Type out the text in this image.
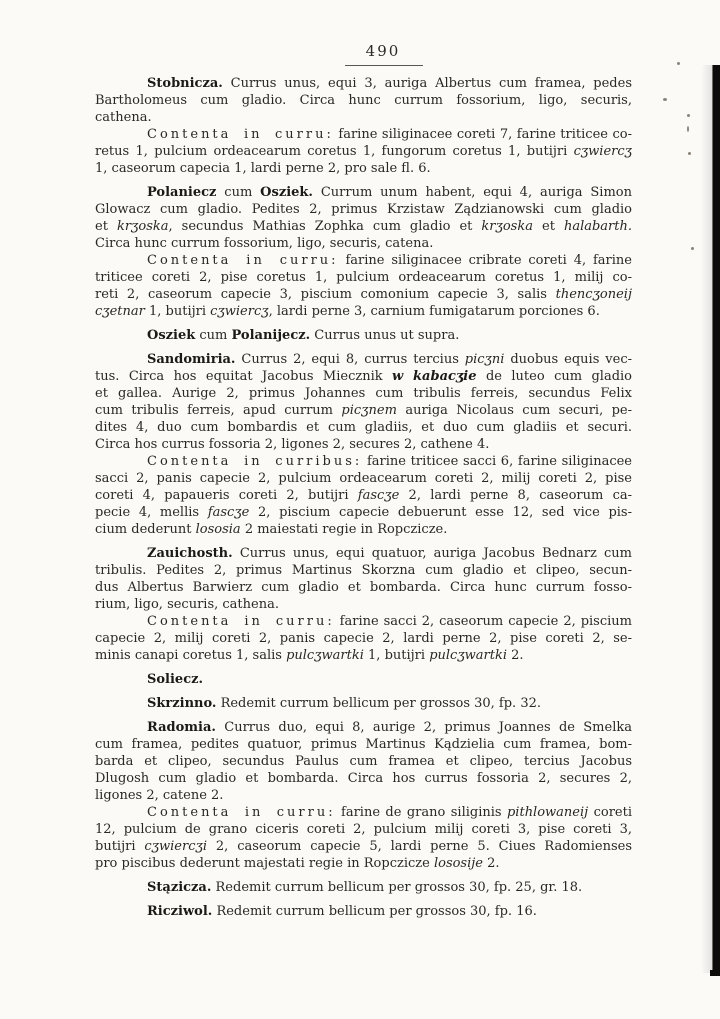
490
Stobnicza. Currus unus, equi 3, auriga Albertus cum framea, pedes
Bartholomeus cum gladio. Circa hunc currum fossorium, ligo, securis,
cathena.
Contenta in curru: farine siliginacee coreti 7, farine triticee co-
retus 1, pulcium ordeacearum coretus 1, fungorum coretus 1, butijri cʒwiercʒ
1, caseorum capecia 1, lardi perne 2, pro sale fl. 6.
Polaniecz cum Osziek. Currum unum habent, equi 4, auriga Simon
Glowacz cum gladio. Pedites 2, primus Krzistaw Ządzianowski cum gladio
et krʒoska, secundus Mathias Zophka cum gladio et krʒoska et halabarth.
Circa hunc currum fossorium, ligo, securis, catena.
Contenta in curru: farine siliginacee cribrate coreti 4, farine
triticee coreti 2, pise coretus 1, pulcium ordeacearum coretus 1, milij co-
reti 2, caseorum capecie 3, piscium comonium capecie 3, salis thencʒoneij
cʒetnar 1, butijri cʒwiercʒ, lardi perne 3, carnium fumigatarum porciones 6.
Osziek cum Polanijecz. Currus unus ut supra.
Sandomiria. Currus 2, equi 8, currus tercius picʒni duobus equis vec-
tus. Circa hos equitat Jacobus Miecznik w kabacʒie de luteo cum gladio
et gallea. Aurige 2, primus Johannes cum tribulis ferreis, secundus Felix
cum tribulis ferreis, apud currum picʒnem auriga Nicolaus cum securi, pe-
dites 4, duo cum bombardis et cum gladiis, et duo cum gladiis et securi.
Circa hos currus fossoria 2, ligones 2, secures 2, cathene 4.
Contenta in curribus: farine triticee sacci 6, farine siliginacee
sacci 2, panis capecie 2, pulcium ordeacearum coreti 2, milij coreti 2, pise
coreti 4, papaueris coreti 2, butijri fascʒe 2, lardi perne 8, caseorum ca-
pecie 4, mellis fascʒe 2, piscium capecie debuerunt esse 12, sed vice pis-
cium dederunt lososia 2 maiestati regie in Ropczicze.
Zauichosth. Currus unus, equi quatuor, auriga Jacobus Bednarz cum
tribulis. Pedites 2, primus Martinus Skorzna cum gladio et clipeo, secun-
dus Albertus Barwierz cum gladio et bombarda. Circa hunc currum fosso-
rium, ligo, securis, cathena.
Contenta in curru: farine sacci 2, caseorum capecie 2, piscium
capecie 2, milij coreti 2, panis capecie 2, lardi perne 2, pise coreti 2, se-
minis canapi coretus 1, salis pulcʒwartki 1, butijri pulcʒwartki 2.
Soliecz.
Skrzinno. Redemit currum bellicum per grossos 30, fp. 32.
Radomia. Currus duo, equi 8, aurige 2, primus Joannes de Smelka
cum framea, pedites quatuor, primus Martinus Kądzielia cum framea, bom-
barda et clipeo, secundus Paulus cum framea et clipeo, tercius Jacobus
Dlugosh cum gladio et bombarda. Circa hos currus fossoria 2, secures 2,
ligones 2, catene 2.
Contenta in curru: farine de grano siliginis pithlowaneij coreti
12, pulcium de grano ciceris coreti 2, pulcium milij coreti 3, pise coreti 3,
butijri cʒwiercʒi 2, caseorum capecie 5, lardi perne 5. Ciues Radomienses
pro piscibus dederunt majestati regie in Ropczicze lososije 2.
Stązicza. Redemit currum bellicum per grossos 30, fp. 25, gr. 18.
Ricziwol. Redemit currum bellicum per grossos 30, fp. 16.
